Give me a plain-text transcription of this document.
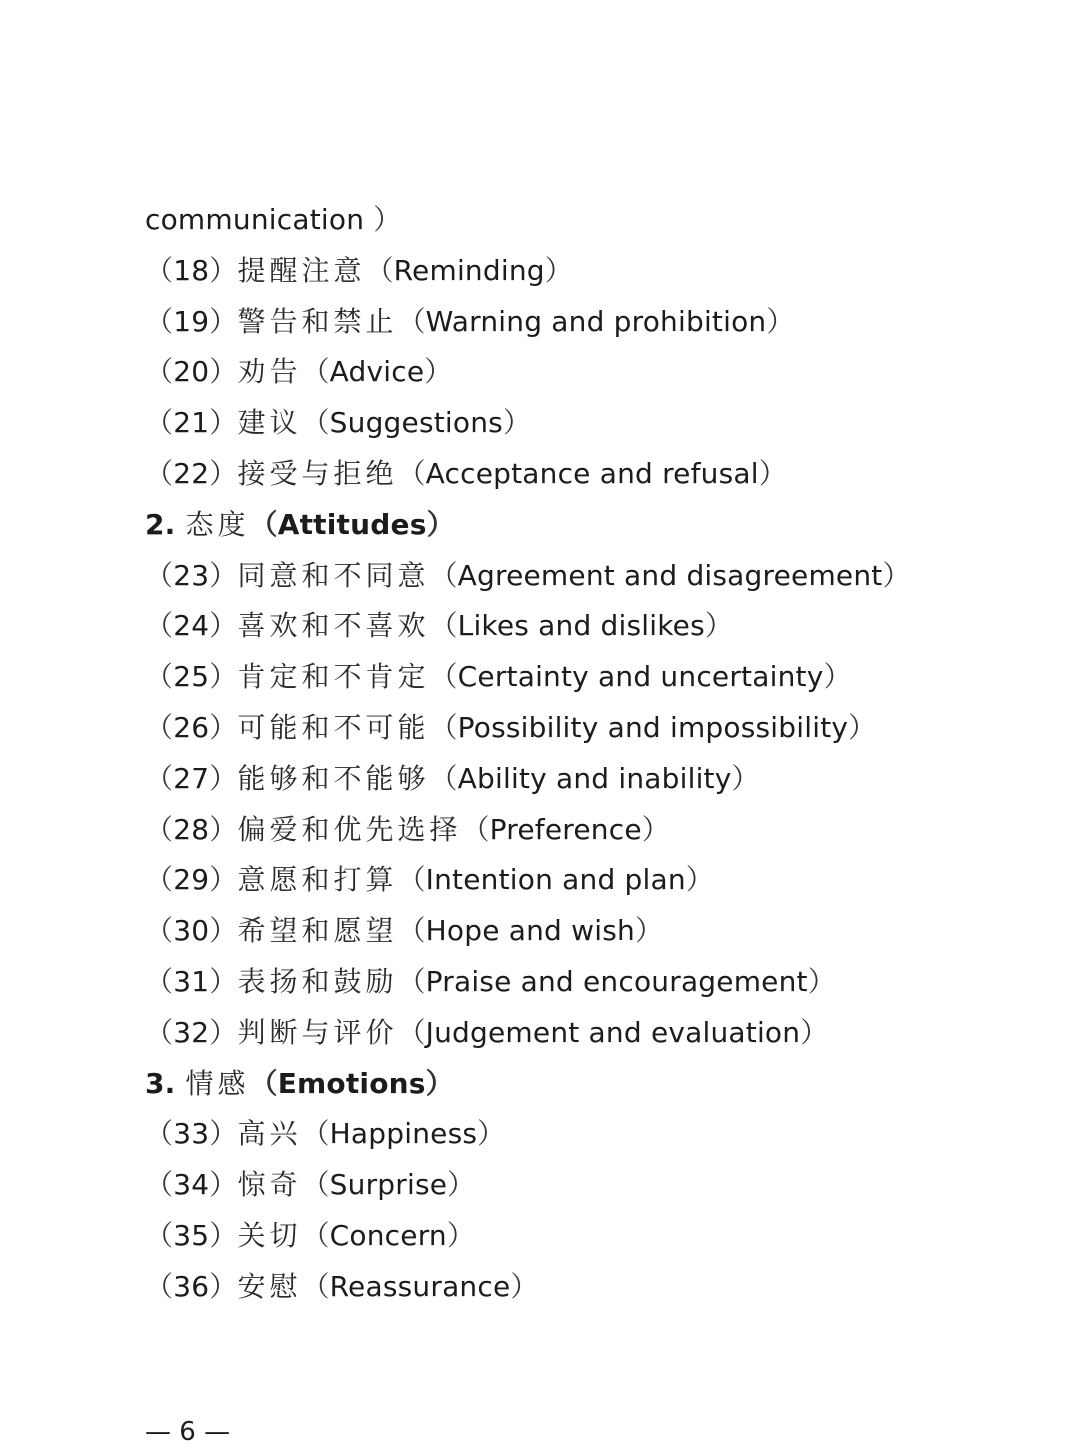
communication ）
（18）提醒注意（Reminding）
（19）警告和禁止（Warning and prohibition）
（20）劝告（Advice）
（21）建议（Suggestions）
（22）接受与拒绝（Acceptance and refusal）
2. 态度（Attitudes）
（23）同意和不同意（Agreement and disagreement）
（24）喜欢和不喜欢（Likes and dislikes）
（25）肯定和不肯定（Certainty and uncertainty）
（26）可能和不可能（Possibility and impossibility）
（27）能够和不能够（Ability and inability）
（28）偏爱和优先选择（Preference）
（29）意愿和打算（Intention and plan）
（30）希望和愿望（Hope and wish）
（31）表扬和鼓励（Praise and encouragement）
（32）判断与评价（Judgement and evaluation）
3. 情感（Emotions）
（33）高兴（Happiness）
（34）惊奇（Surprise）
（35）关切（Concern）
（36）安慰（Reassurance）
— 6 —
